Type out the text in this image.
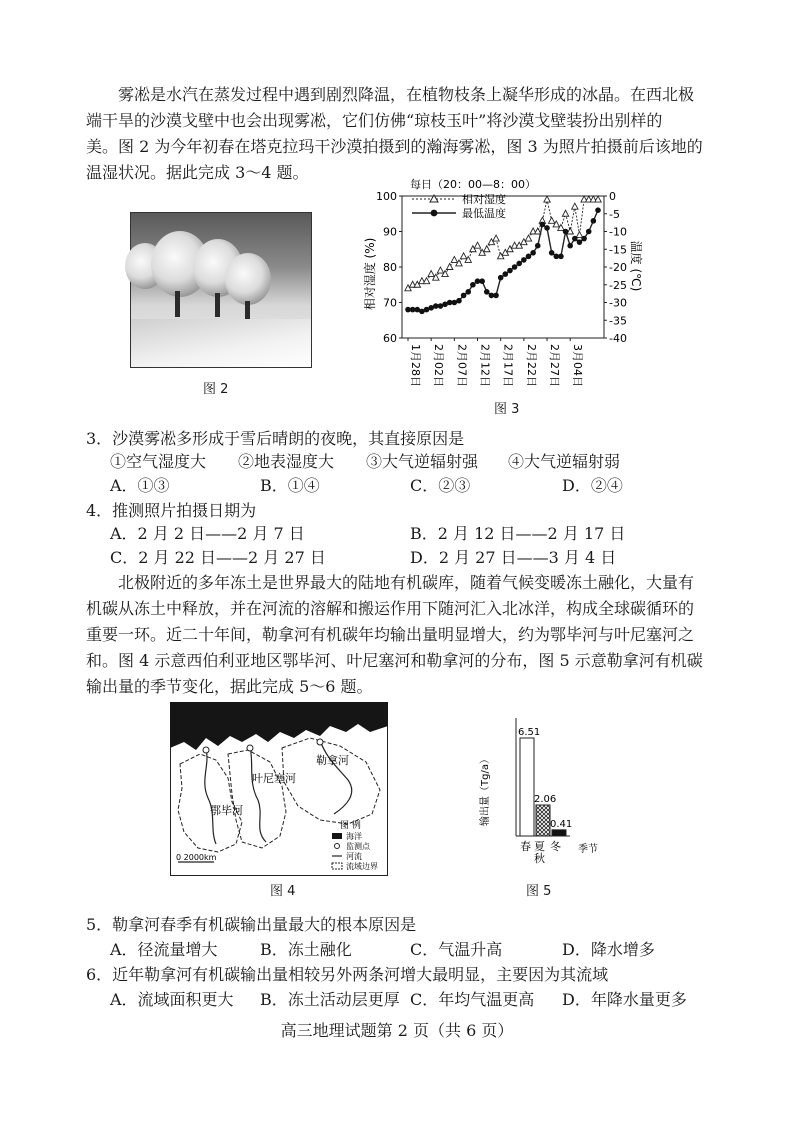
雾凇是水汽在蒸发过程中遇到剧烈降温，在植物枝条上凝华形成的冰晶。在西北极

端干旱的沙漠戈壁中也会出现雾凇，它们仿佛“琼枝玉叶”将沙漠戈壁装扮出别样的

美。图 2 为今年初春在塔克拉玛干沙漠拍摄到的瀚海雾凇，图 3 为照片拍摄前后该地的

温湿状况。据此完成 3～4 题。

图 2
每日（20：00—8：00）
100
90
80
70
60
0
-5
-10
-15
-20
-25
-30
-35
-40
1月28日 2月02日 2月07日 2月12日 2月17日 2月22日 2月27日 3月04日
相对湿度 (%)	温度 (℃)
相对湿度
最低温度
图 3
3．沙漠雾凇多形成于雪后晴朗的夜晚，其直接原因是
①空气湿度大 ②地表湿度大 ③大气逆辐射强 ④大气逆辐射弱
A．①③	B．①④	C．②③	D．②④
4．推测照片拍摄日期为
A．2 月 2 日——2 月 7 日	B．2 月 12 日——2 月 17 日
C．2 月 22 日——2 月 27 日	D．2 月 27 日——3 月 4 日

北极附近的多年冻土是世界最大的陆地有机碳库，随着气候变暖冻土融化，大量有

机碳从冻土中释放，并在河流的溶解和搬运作用下随河汇入北冰洋，构成全球碳循环的

重要一环。近二十年间，勒拿河有机碳年均输出量明显增大，约为鄂毕河与叶尼塞河之

和。图 4 示意西伯利亚地区鄂毕河、叶尼塞河和勒拿河的分布，图 5 示意勒拿河有机碳

输出量的季节变化，据此完成 5～6 题。

鄂毕河
叶尼塞河
勒拿河
图 例
海洋
监测点
河流
流域边界
0 2000km
图 4
输出量（Tg/a）
6.51
2.06
0.41
季节
春 夏
秋
冬
图 5
5．勒拿河春季有机碳输出量最大的根本原因是
A．径流量增大	B．冻土融化	C．气温升高	D．降水增多
6．近年勒拿河有机碳输出量相较另外两条河增大最明显，主要因为其流域
A．流域面积更大 B．冻土活动层更厚 C．年均气温更高 D．年降水量更多
高三地理试题第 2 页（共 6 页）
